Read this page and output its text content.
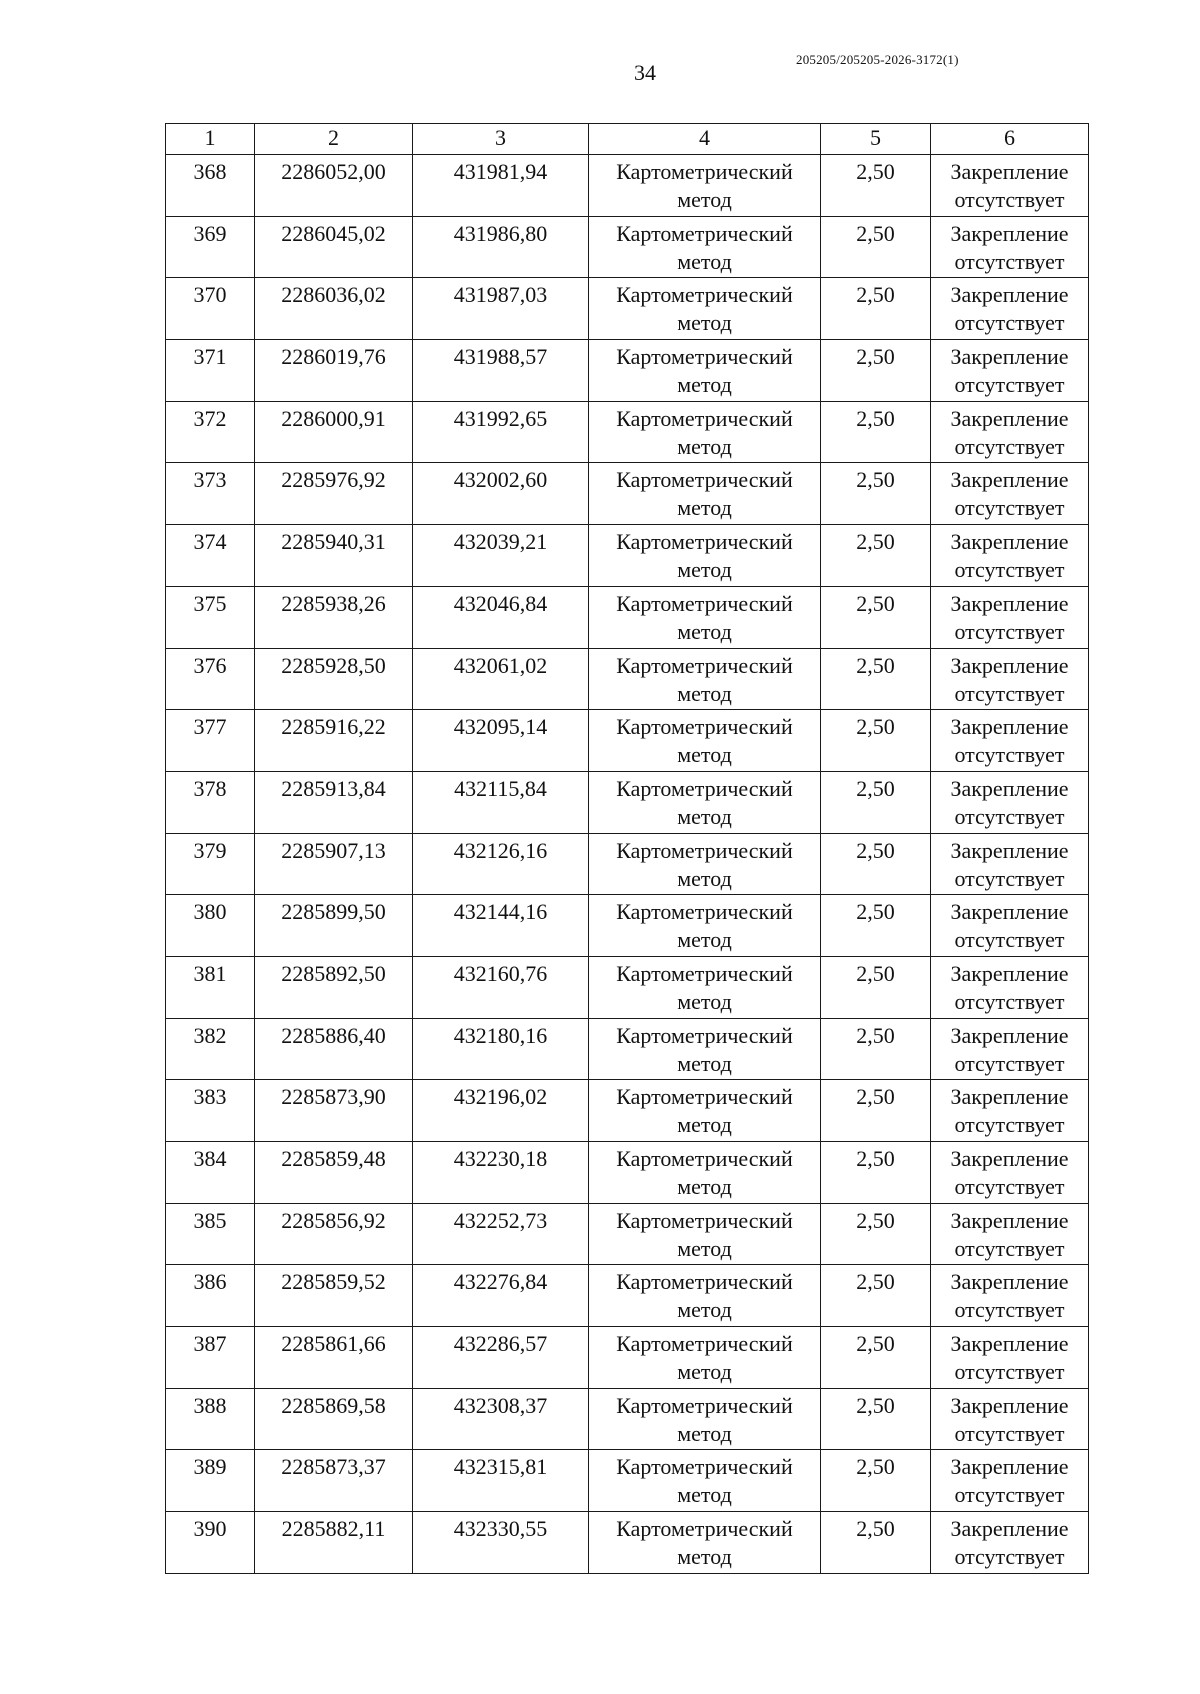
205205/205205-2026-3172(1)
34
1	2	3	4	5	6
368	2286052,00	431981,94	Картометрический метод	2,50	Закрепление отсутствует
369	2286045,02	431986,80	Картометрический метод	2,50	Закрепление отсутствует
370	2286036,02	431987,03	Картометрический метод	2,50	Закрепление отсутствует
371	2286019,76	431988,57	Картометрический метод	2,50	Закрепление отсутствует
372	2286000,91	431992,65	Картометрический метод	2,50	Закрепление отсутствует
373	2285976,92	432002,60	Картометрический метод	2,50	Закрепление отсутствует
374	2285940,31	432039,21	Картометрический метод	2,50	Закрепление отсутствует
375	2285938,26	432046,84	Картометрический метод	2,50	Закрепление отсутствует
376	2285928,50	432061,02	Картометрический метод	2,50	Закрепление отсутствует
377	2285916,22	432095,14	Картометрический метод	2,50	Закрепление отсутствует
378	2285913,84	432115,84	Картометрический метод	2,50	Закрепление отсутствует
379	2285907,13	432126,16	Картометрический метод	2,50	Закрепление отсутствует
380	2285899,50	432144,16	Картометрический метод	2,50	Закрепление отсутствует
381	2285892,50	432160,76	Картометрический метод	2,50	Закрепление отсутствует
382	2285886,40	432180,16	Картометрический метод	2,50	Закрепление отсутствует
383	2285873,90	432196,02	Картометрический метод	2,50	Закрепление отсутствует
384	2285859,48	432230,18	Картометрический метод	2,50	Закрепление отсутствует
385	2285856,92	432252,73	Картометрический метод	2,50	Закрепление отсутствует
386	2285859,52	432276,84	Картометрический метод	2,50	Закрепление отсутствует
387	2285861,66	432286,57	Картометрический метод	2,50	Закрепление отсутствует
388	2285869,58	432308,37	Картометрический метод	2,50	Закрепление отсутствует
389	2285873,37	432315,81	Картометрический метод	2,50	Закрепление отсутствует
390	2285882,11	432330,55	Картометрический метод	2,50	Закрепление отсутствует
